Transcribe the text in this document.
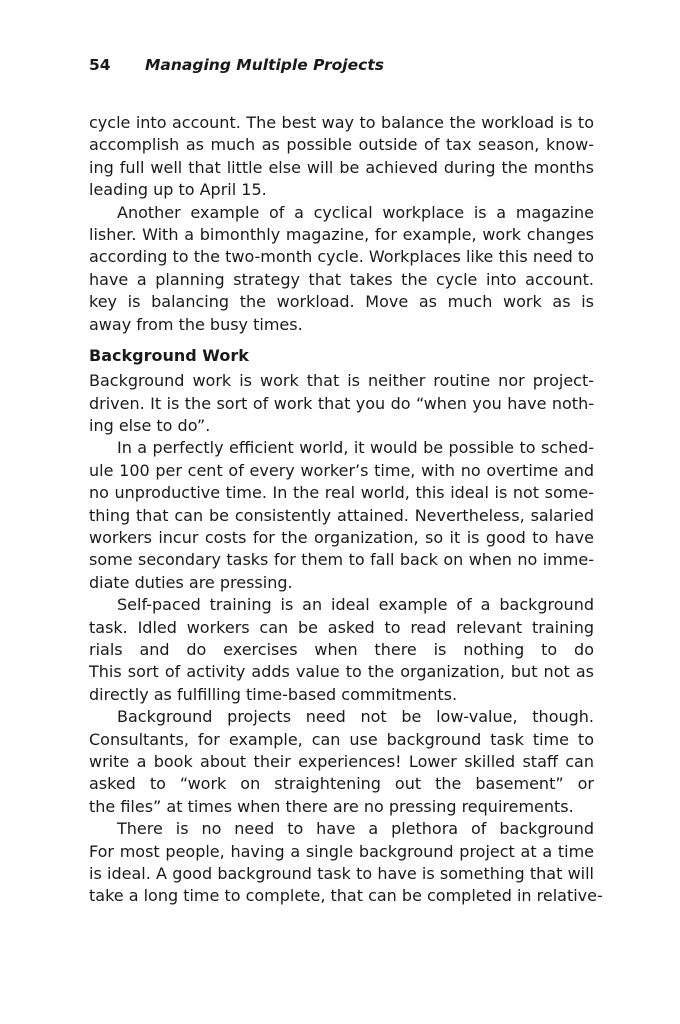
54 Managing Multiple Projects
cycle into account. The best way to balance the workload is to
accomplish as much as possible outside of tax season, know-
ing full well that little else will be achieved during the months
leading up to April 15.
Another example of a cyclical workplace is a magazine
lisher. With a bimonthly magazine, for example, work changes
according to the two-month cycle. Workplaces like this need to
have a planning strategy that takes the cycle into account.
key is balancing the workload. Move as much work as is
away from the busy times.
Background Work
Background work is work that is neither routine nor project-
driven. It is the sort of work that you do “when you have noth-
ing else to do”.
In a perfectly efficient world, it would be possible to sched-
ule 100 per cent of every worker’s time, with no overtime and
no unproductive time. In the real world, this ideal is not some-
thing that can be consistently attained. Nevertheless, salaried
workers incur costs for the organization, so it is good to have
some secondary tasks for them to fall back on when no imme-
diate duties are pressing.
Self-paced training is an ideal example of a background
task. Idled workers can be asked to read relevant training
rials and do exercises when there is nothing to do
This sort of activity adds value to the organization, but not as
directly as fulfilling time-based commitments.
Background projects need not be low-value, though.
Consultants, for example, can use background task time to
write a book about their experiences! Lower skilled staff can
asked to “work on straightening out the basement” or
the files” at times when there are no pressing requirements.
There is no need to have a plethora of background
For most people, having a single background project at a time
is ideal. A good background task to have is something that will
take a long time to complete, that can be completed in relative-
